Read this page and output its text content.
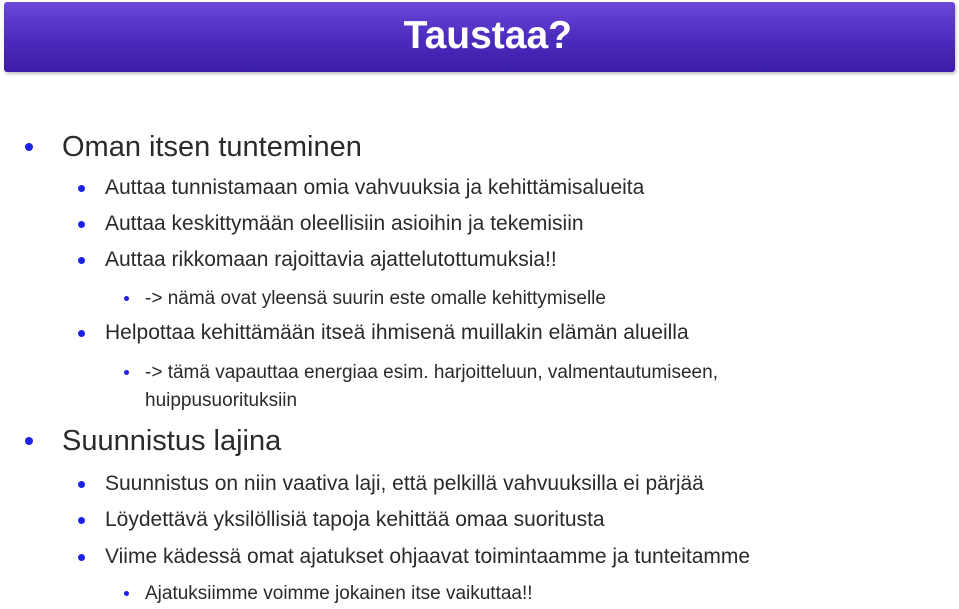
Taustaa?

Oman itsen tunteminen

Auttaa tunnistamaan omia vahvuuksia ja kehittämisalueita

Auttaa keskittymään oleellisiin asioihin ja tekemisiin

Auttaa rikkomaan rajoittavia ajattelutottumuksia!!

-> nämä ovat yleensä suurin este omalle kehittymiselle

Helpottaa kehittämään itseä ihmisenä muillakin elämän alueilla

-> tämä vapauttaa energiaa esim. harjoitteluun, valmentautumiseen,

huippusuorituksiin

Suunnistus lajina

Suunnistus on niin vaativa laji, että pelkillä vahvuuksilla ei pärjää

Löydettävä yksilöllisiä tapoja kehittää omaa suoritusta

Viime kädessä omat ajatukset ohjaavat toimintaamme ja tunteitamme

Ajatuksiimme voimme jokainen itse vaikuttaa!!
